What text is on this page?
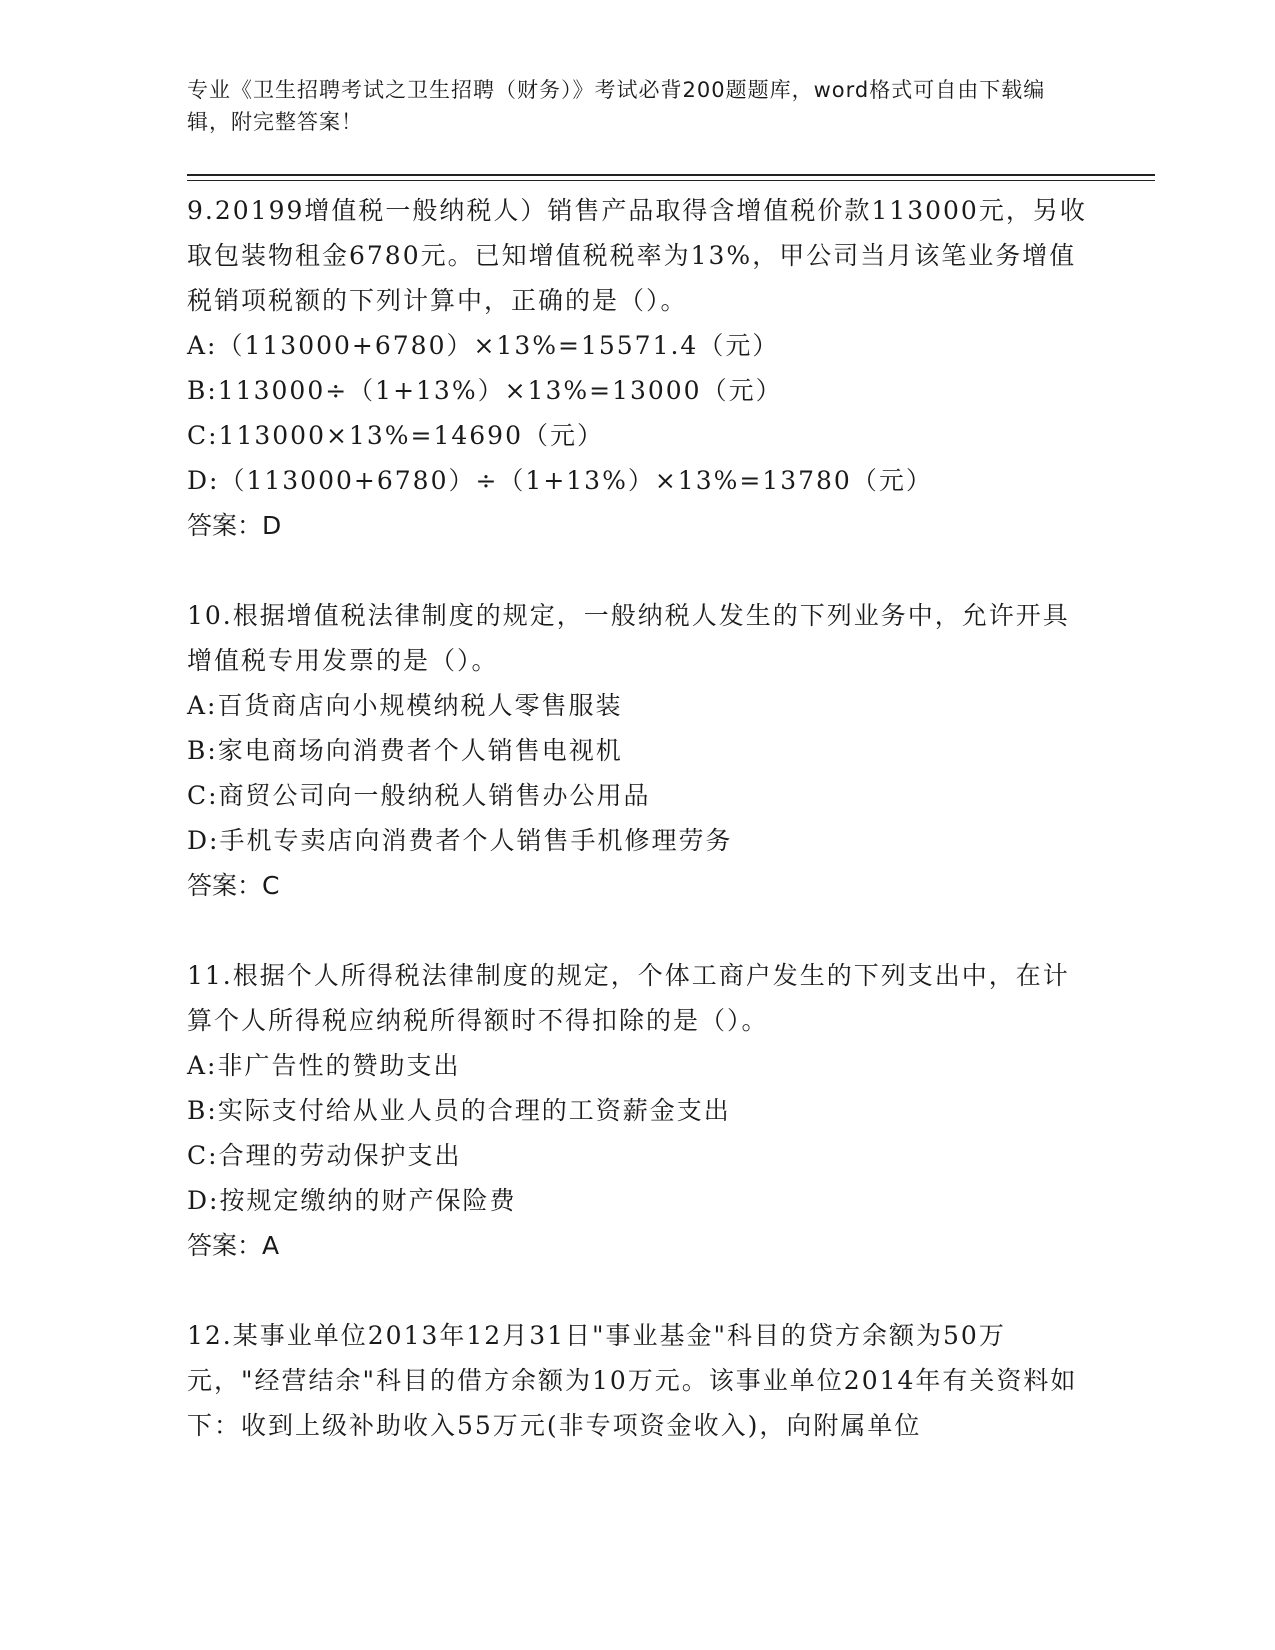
专业《卫生招聘考试之卫生招聘（财务）》考试必背200题题库，word格式可自由下载编辑，附完整答案！

9.20199增值税一般纳税人）销售产品取得含增值税价款113000元，另收取包装物租金6780元。已知增值税税率为13%，甲公司当月该笔业务增值税销项税额的下列计算中，正确的是（）。

A:（113000+6780）×13%=15571.4（元）

B:113000÷（1+13%）×13%=13000（元）

C:113000×13%=14690（元）

D:（113000+6780）÷（1+13%）×13%=13780（元）

答案：D

10.根据增值税法律制度的规定，一般纳税人发生的下列业务中，允许开具增值税专用发票的是（）。

A:百货商店向小规模纳税人零售服装

B:家电商场向消费者个人销售电视机

C:商贸公司向一般纳税人销售办公用品

D:手机专卖店向消费者个人销售手机修理劳务

答案：C

11.根据个人所得税法律制度的规定，个体工商户发生的下列支出中，在计算个人所得税应纳税所得额时不得扣除的是（）。

A:非广告性的赞助支出

B:实际支付给从业人员的合理的工资薪金支出

C:合理的劳动保护支出

D:按规定缴纳的财产保险费

答案：A

12.某事业单位2013年12月31日"事业基金"科目的贷方余额为50万元，"经营结余"科目的借方余额为10万元。该事业单位2014年有关资料如下：收到上级补助收入55万元(非专项资金收入)，向附属单位
